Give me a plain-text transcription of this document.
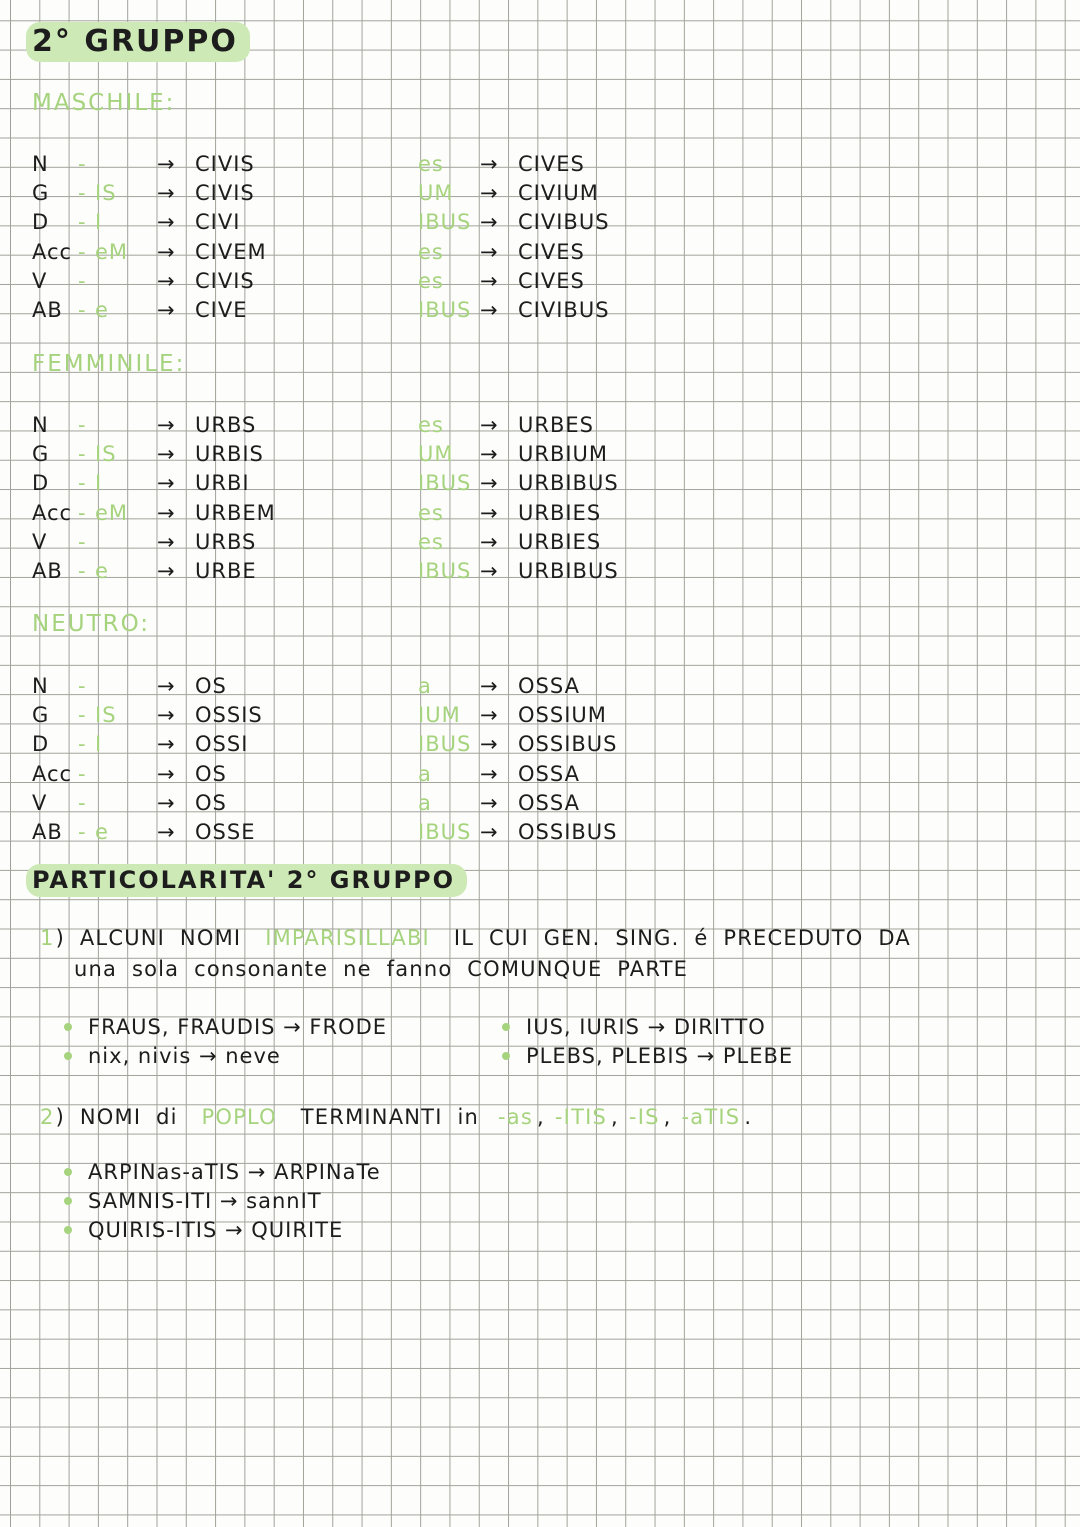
2° GRUPPO
MASCHILE:
N	-	→ CIVIS	es	→ CIVES
G	- IS	→ CIVIS	UM	→ CIVIUM
D	- I	→ CIVI	IBUS → CIVIBUS
Acc - eM	→ CIVEM	es	→ CIVES
V	-	→ CIVIS	es	→ CIVES
AB - e	→ CIVE	IBUS → CIVIBUS
FEMMINILE:
N	-	→ URBS	es	→ URBES
G	- IS	→ URBIS	UM	→ URBIUM
D	- I	→ URBI	IBUS → URBIBUS
Acc - eM	→ URBEM	es	→ URBIES
V	-	→ URBS	es	→ URBIES
AB - e	→ URBE	IBUS → URBIBUS
NEUTRO:
N	-	→ OS	a	→ OSSA
G	- IS	→ OSSIS	IUM → OSSIUM
D	- I	→ OSSI	IBUS → OSSIBUS
Acc -	→ OS	a	→ OSSA
V	-	→ OS	a	→ OSSA
AB - e	→ OSSE	IBUS → OSSIBUS
PARTICOLARITA' 2° GRUPPO
1) ALCUNI NOMI IMPARISILLABI IL CUI GEN. SING. é PRECEDUTO DA
una sola consonante ne fanno COMUNQUE PARTE
FRAUS, FRAUDIS → FRODE
nix, nivis → neve
IUS, IURIS → DIRITTO
PLEBS, PLEBIS → PLEBE
2) NOMI di POPLO TERMINANTI in -as , -ITIS , -IS , -aTIS .
ARPINas-aTIS → ARPINaTe
SAMNIS-ITI → sannIT
QUIRIS-ITIS → QUIRITE
